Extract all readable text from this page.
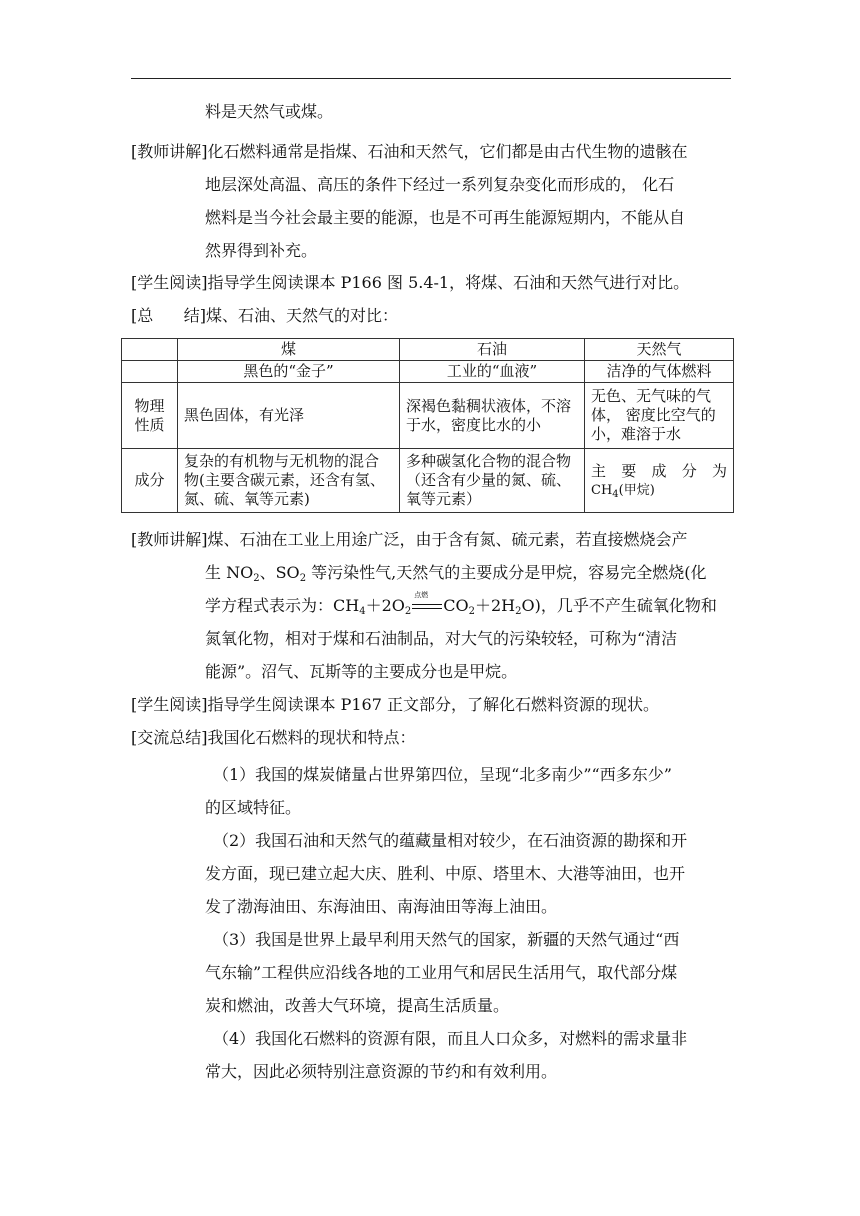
料是天然气或煤。
[教师讲解]化石燃料通常是指煤、石油和天然气，它们都是由古代生物的遗骸在
地层深处高温、高压的条件下经过一系列复杂变化而形成的， 化石
燃料是当今社会最主要的能源，也是不可再生能源短期内，不能从自
然界得到补充。
[学生阅读]指导学生阅读课本 P166 图 5.4-1，将煤、石油和天然气进行对比。
[总      结]煤、石油、天然气的对比：
	煤	石油	天然气
	黑色的“金子”	工业的“血液”	洁净的气体燃料
物理性质	黑色固体，有光泽	深褐色黏稠状液体，不溶于水，密度比水的小	无色、无气味的气体， 密度比空气的小，难溶于水
成分	复杂的有机物与无机物的混合物(主要含碳元素，还含有氢、氮、硫、氧等元素)	多种碳氢化合物的混合物（还含有少量的氮、硫、氧等元素）	主要成分为
$CH_4$(甲烷)
[教师讲解]煤、石油在工业上用途广泛，由于含有氮、硫元素，若直接燃烧会产
生 $NO_2$、$SO_2$ 等污染性气,天然气的主要成分是甲烷，容易完全燃烧(化
学方程式表示为：$CH_4+2O_2$
点燃
$CO_2+2H_2O$)，几乎不产生硫氧化物和
氮氧化物，相对于煤和石油制品，对大气的污染较轻，可称为“清洁
能源”。沼气、瓦斯等的主要成分也是甲烷。
[学生阅读]指导学生阅读课本 P167 正文部分，了解化石燃料资源的现状。
[交流总结]我国化石燃料的现状和特点：
（1）我国的煤炭储量占世界第四位，呈现“北多南少”“西多东少”
的区域特征。
（2）我国石油和天然气的蕴藏量相对较少，在石油资源的勘探和开
发方面，现已建立起大庆、胜利、中原、塔里木、大港等油田，也开
发了渤海油田、东海油田、南海油田等海上油田。
（3）我国是世界上最早利用天然气的国家，新疆的天然气通过“西
气东输”工程供应沿线各地的工业用气和居民生活用气，取代部分煤
炭和燃油，改善大气环境，提高生活质量。
（4）我国化石燃料的资源有限，而且人口众多，对燃料的需求量非
常大，因此必须特别注意资源的节约和有效利用。
